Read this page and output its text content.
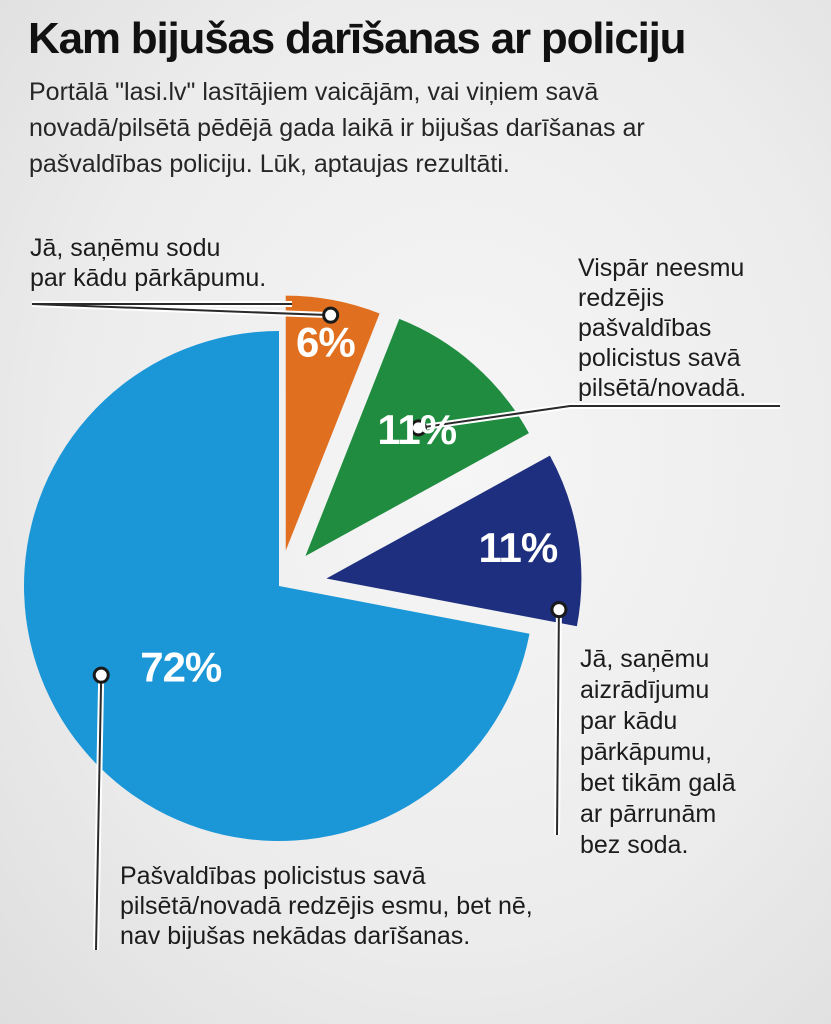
Kam bijušas darīšanas ar policiju

Portālā "lasi.lv" lasītājiem vaicājām, vai viņiem savā novadā/pilsētā pēdējā gada laikā ir bijušas darīšanas ar pašvaldības policiju. Lūk, aptaujas rezultāti.

6%
11%
11%
72%
Jā, saņēmu sodu par kādu pārkāpumu.	Vispār neesmu redzējis pašvaldības policistus savā pilsētā/novadā.
Jā, saņēmu aizrādījumu par kādu pārkāpumu, bet tikām galā ar pārrunām bez soda.
Pašvaldības policistus savā pilsētā/novadā redzējis esmu, bet nē, nav bijušas nekādas darīšanas.
